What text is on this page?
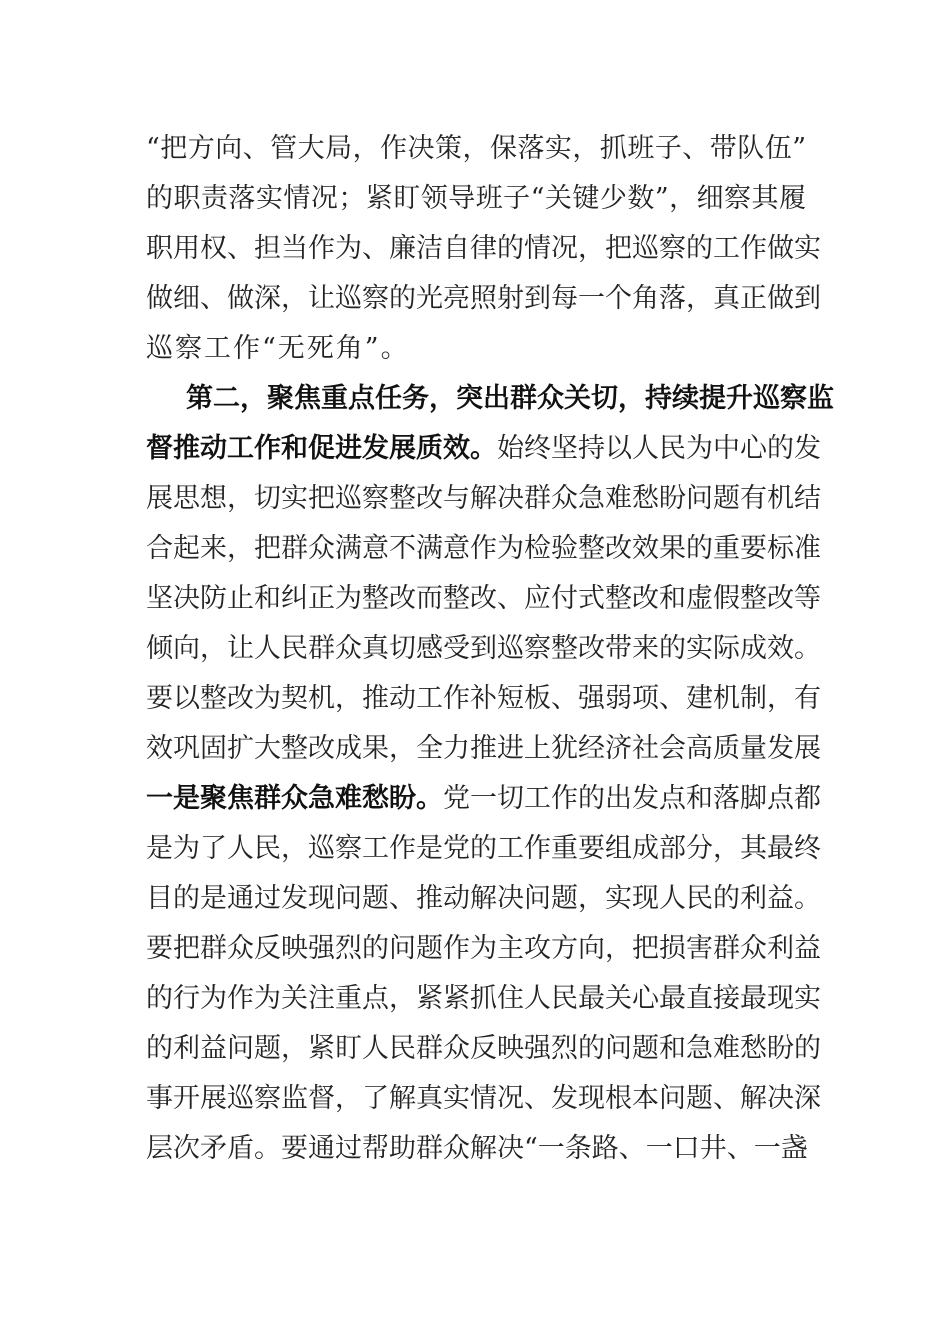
“把方向、管大局，作决策，保落实，抓班子、带队伍”
的职责落实情况；紧盯领导班子“关键少数”，细察其履
职用权、担当作为、廉洁自律的情况，把巡察的工作做实
做细、做深，让巡察的光亮照射到每一个角落，真正做到
巡察工作“无死角”。
第二，聚焦重点任务，突出群众关切，持续提升巡察监
督推动工作和促进发展质效。始终坚持以人民为中心的发
展思想，切实把巡察整改与解决群众急难愁盼问题有机结
合起来，把群众满意不满意作为检验整改效果的重要标准
坚决防止和纠正为整改而整改、应付式整改和虚假整改等
倾向，让人民群众真切感受到巡察整改带来的实际成效。
要以整改为契机，推动工作补短板、强弱项、建机制，有
效巩固扩大整改成果，全力推进上犹经济社会高质量发展
一是聚焦群众急难愁盼。党一切工作的出发点和落脚点都
是为了人民，巡察工作是党的工作重要组成部分，其最终
目的是通过发现问题、推动解决问题，实现人民的利益。
要把群众反映强烈的问题作为主攻方向，把损害群众利益
的行为作为关注重点，紧紧抓住人民最关心最直接最现实
的利益问题，紧盯人民群众反映强烈的问题和急难愁盼的
事开展巡察监督，了解真实情况、发现根本问题、解决深
层次矛盾。要通过帮助群众解决“一条路、一口井、一盏
